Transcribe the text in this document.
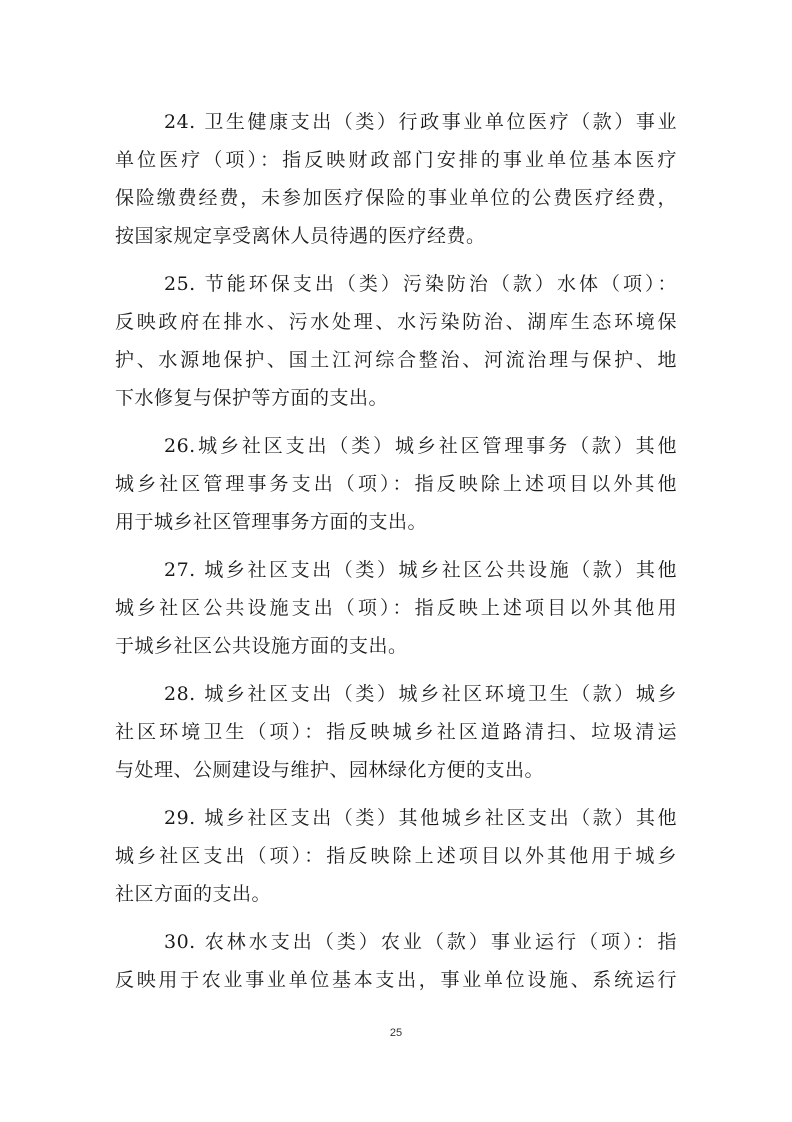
24. 卫生健康支出（类）行政事业单位医疗（款）事业
单位医疗（项）：指反映财政部门安排的事业单位基本医疗
保险缴费经费，未参加医疗保险的事业单位的公费医疗经费，
按国家规定享受离休人员待遇的医疗经费。
25. 节能环保支出（类）污染防治（款）水体（项）：
反映政府在排水、污水处理、水污染防治、湖库生态环境保
护、水源地保护、国土江河综合整治、河流治理与保护、地
下水修复与保护等方面的支出。
26.城乡社区支出（类）城乡社区管理事务（款）其他
城乡社区管理事务支出（项）：指反映除上述项目以外其他
用于城乡社区管理事务方面的支出。
27. 城乡社区支出（类）城乡社区公共设施（款）其他
城乡社区公共设施支出（项）：指反映上述项目以外其他用
于城乡社区公共设施方面的支出。
28. 城乡社区支出（类）城乡社区环境卫生（款）城乡
社区环境卫生（项）：指反映城乡社区道路清扫、垃圾清运
与处理、公厕建设与维护、园林绿化方便的支出。
29. 城乡社区支出（类）其他城乡社区支出（款）其他
城乡社区支出（项）：指反映除上述项目以外其他用于城乡
社区方面的支出。
30. 农林水支出（类）农业（款）事业运行（项）：指
反映用于农业事业单位基本支出，事业单位设施、系统运行
25
